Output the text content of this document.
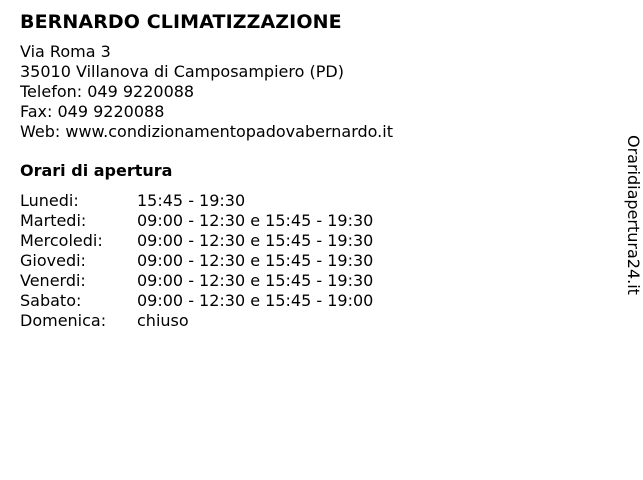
BERNARDO CLIMATIZZAZIONE
Via Roma 3
35010 Villanova di Camposampiero (PD)
Telefon: 049 9220088
Fax: 049 9220088
Web: www.condizionamentopadovabernardo.it
Orari di apertura
Lunedi:	15:45 - 19:30
Martedi:	09:00 - 12:30 e 15:45 - 19:30
Mercoledi:	09:00 - 12:30 e 15:45 - 19:30
Giovedi:	09:00 - 12:30 e 15:45 - 19:30
Venerdi:	09:00 - 12:30 e 15:45 - 19:30
Sabato:	09:00 - 12:30 e 15:45 - 19:00
Domenica:	chiuso
Oraridiapertura24.it
